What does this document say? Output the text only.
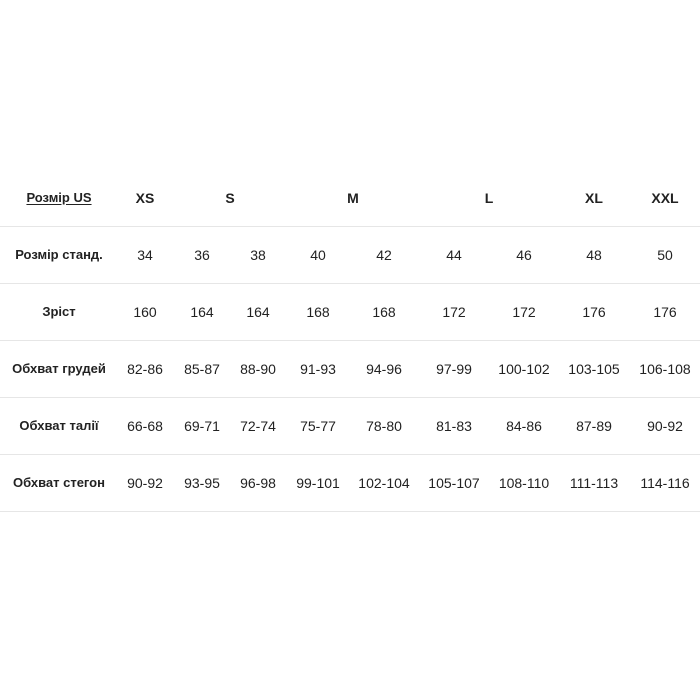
Розмір US	XS	S	M	L	XL	XXL
Розмір станд.	34	36	38	40	42	44	46	48	50
Зріст	160	164	164	168	168	172	172	176	176
Обхват грудей	82-86	85-87	88-90	91-93	94-96	97-99	100-102	103-105	106-108
Обхват талії	66-68	69-71	72-74	75-77	78-80	81-83	84-86	87-89	90-92
Обхват стегон	90-92	93-95	96-98	99-101	102-104	105-107	108-110	111-113	114-116
